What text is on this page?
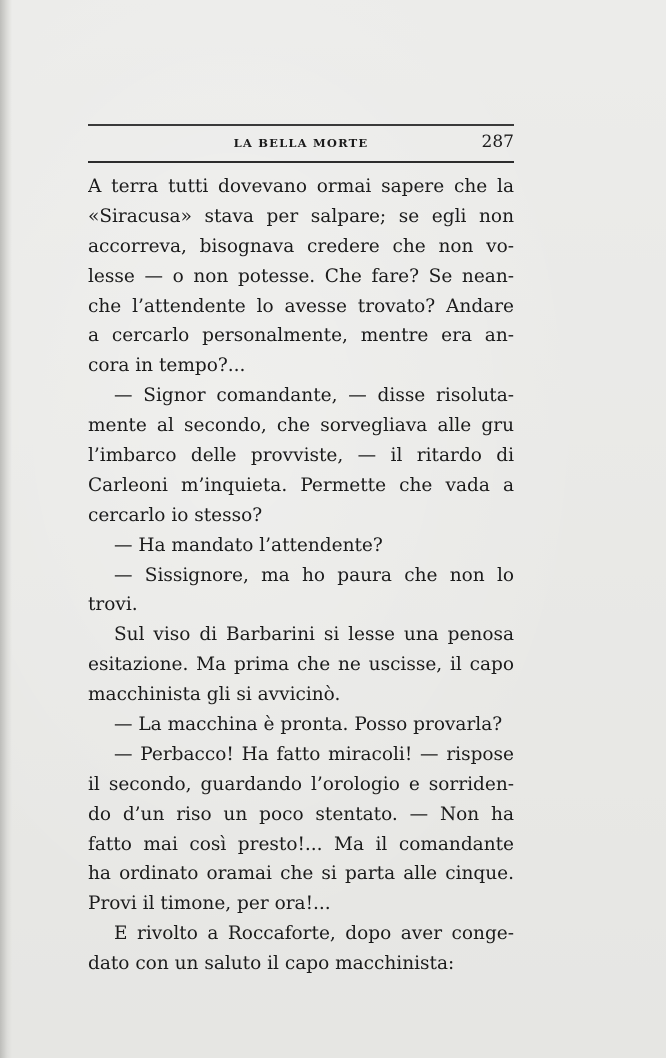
LA BELLA MORTE	287
A terra tutti dovevano ormai sapere che la
«Siracusa» stava per salpare; se egli non
accorreva, bisognava credere che non vo-
lesse — o non potesse. Che fare? Se nean-
che l’attendente lo avesse trovato? Andare
a cercarlo personalmente, mentre era an-
cora in tempo?...
— Signor comandante, — disse risoluta-
mente al secondo, che sorvegliava alle gru
l’imbarco delle provviste, — il ritardo di
Carleoni m’inquieta. Permette che vada a
cercarlo io stesso?
— Ha mandato l’attendente?
— Sissignore, ma ho paura che non lo
trovi.
Sul viso di Barbarini si lesse una penosa
esitazione. Ma prima che ne uscisse, il capo
macchinista gli si avvicinò.
— La macchina è pronta. Posso provarla?
— Perbacco! Ha fatto miracoli! — rispose
il secondo, guardando l’orologio e sorriden-
do d’un riso un poco stentato. — Non ha
fatto mai così presto!... Ma il comandante
ha ordinato oramai che si parta alle cinque.
Provi il timone, per ora!...
E rivolto a Roccaforte, dopo aver conge-
dato con un saluto il capo macchinista:
